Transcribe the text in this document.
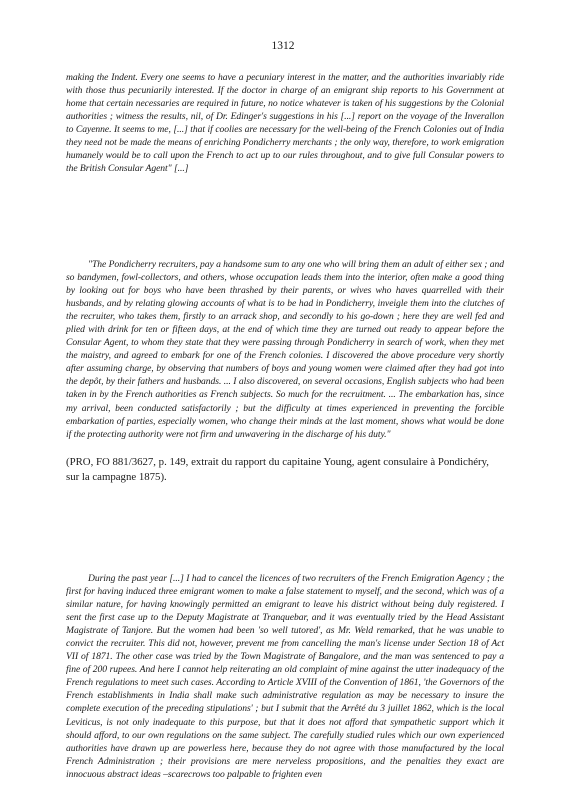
1312

making the Indent. Every one seems to have a pecuniary interest in the matter, and the authorities invariably ride with those thus pecuniarily interested. If the doctor in charge of an emigrant ship reports to his Government at home that certain necessaries are required in future, no notice whatever is taken of his suggestions by the Colonial authorities ; witness the results, nil, of Dr. Edinger's suggestions in his [...] report on the voyage of the Inverallon to Cayenne. It seems to me, [...] that if coolies are necessary for the well-being of the French Colonies out of India they need not be made the means of enriching Pondicherry merchants ; the only way, therefore, to work emigration humanely would be to call upon the French to act up to our rules throughout, and to give full Consular powers to the British Consular Agent" [...]

"The Pondicherry recruiters, pay a handsome sum to any one who will bring them an adult of either sex ; and so bandymen, fowl-collectors, and others, whose occupation leads them into the interior, often make a good thing by looking out for boys who have been thrashed by their parents, or wives who haves quarrelled with their husbands, and by relating glowing accounts of what is to be had in Pondicherry, inveigle them into the clutches of the recruiter, who takes them, firstly to an arrack shop, and secondly to his go-down ; here they are well fed and plied with drink for ten or fifteen days, at the end of which time they are turned out ready to appear before the Consular Agent, to whom they state that they were passing through Pondicherry in search of work, when they met the maistry, and agreed to embark for one of the French colonies. I discovered the above procedure very shortly after assuming charge, by observing that numbers of boys and young women were claimed after they had got into the depôt, by their fathers and husbands. ... I also discovered, on several occasions, English subjects who had been taken in by the French authorities as French subjects. So much for the recruitment. ... The embarkation has, since my arrival, been conducted satisfactorily ; but the difficulty at times experienced in preventing the forcible embarkation of parties, especially women, who change their minds at the last moment, shows what would be done if the protecting authority were not firm and unwavering in the discharge of his duty."

(PRO, FO 881/3627, p. 149, extrait du rapport du capitaine Young, agent consulaire à Pondichéry, sur la campagne 1875).

During the past year [...] I had to cancel the licences of two recruiters of the French Emigration Agency ; the first for having induced three emigrant women to make a false statement to myself, and the second, which was of a similar nature, for having knowingly permitted an emigrant to leave his district without being duly registered. I sent the first case up to the Deputy Magistrate at Tranquebar, and it was eventually tried by the Head Assistant Magistrate of Tanjore. But the women had been 'so well tutored', as Mr. Weld remarked, that he was unable to convict the recruiter. This did not, however, prevent me from cancelling the man's license under Section 18 of Act VII of 1871. The other case was tried by the Town Magistrate of Bangalore, and the man was sentenced to pay a fine of 200 rupees. And here I cannot help reiterating an old complaint of mine against the utter inadequacy of the French regulations to meet such cases. According to Article XVIII of the Convention of 1861, 'the Governors of the French establishments in India shall make such administrative regulation as may be necessary to insure the complete execution of the preceding stipulations' ; but I submit that the Arrêté du 3 juillet 1862, which is the local Leviticus, is not only inadequate to this purpose, but that it does not afford that sympathetic support which it should afford, to our own regulations on the same subject. The carefully studied rules which our own experienced authorities have drawn up are powerless here, because they do not agree with those manufactured by the local French Administration ; their provisions are mere nerveless propositions, and the penalties they exact are innocuous abstract ideas –scarecrows too palpable to frighten even
